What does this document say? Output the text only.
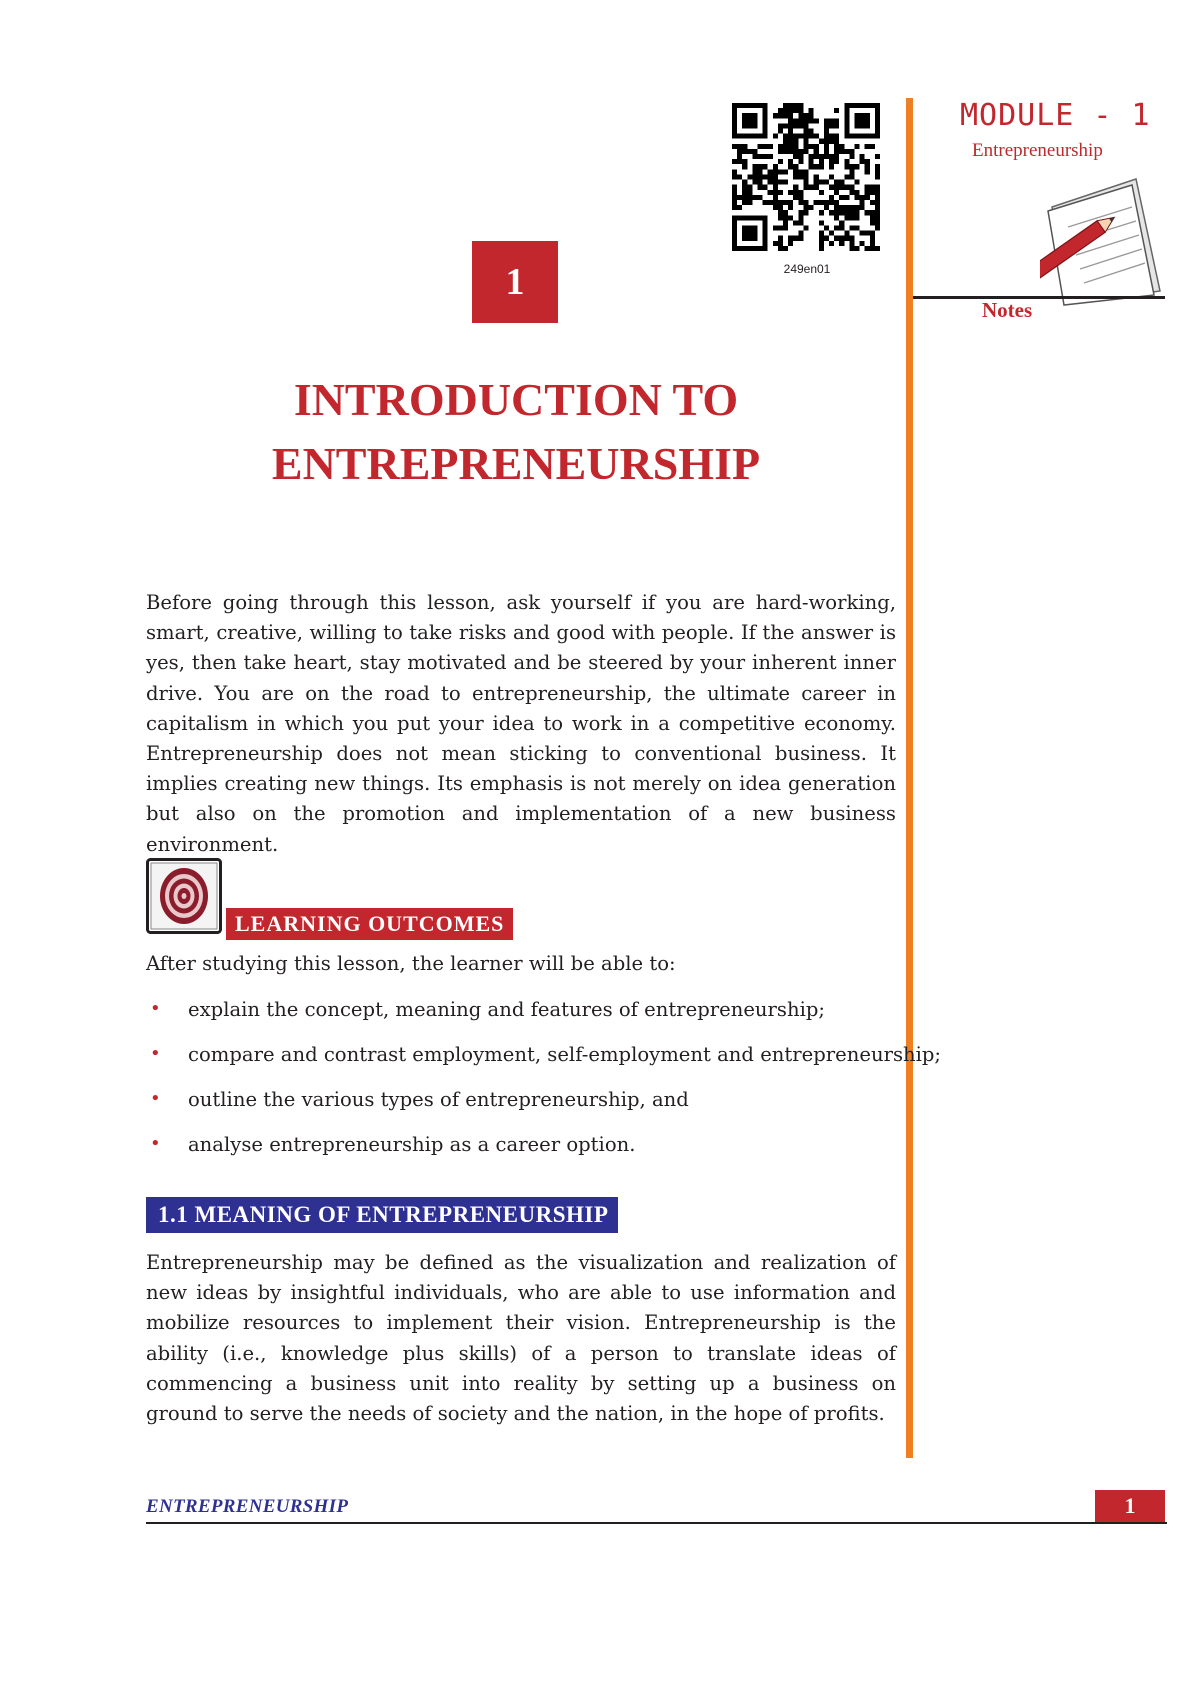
MODULE - 1
Entrepreneurship
Notes
249en01
1
INTRODUCTION TO
ENTREPRENEURSHIP

Before going through this lesson, ask yourself if you are hard-working, smart, creative, willing to take risks and good with people. If the answer is yes, then take heart, stay motivated and be steered by your inherent inner drive. You are on the road to entrepreneurship, the ultimate career in capitalism in which you put your idea to work in a competitive economy. Entrepreneurship does not mean sticking to conventional business. It implies creating new things. Its emphasis is not merely on idea generation but also on the promotion and implementation of a new business environment.

LEARNING OUTCOMES
After studying this lesson, the learner will be able to:
•	explain the concept, meaning and features of entrepreneurship;
•	compare and contrast employment, self-employment and entrepreneurship;
•	outline the various types of entrepreneurship, and
•	analyse entrepreneurship as a career option.
1.1 MEANING OF ENTREPRENEURSHIP

Entrepreneurship may be defined as the visualization and realization of new ideas by insightful individuals, who are able to use information and mobilize resources to implement their vision. Entrepreneurship is the ability (i.e., knowledge plus skills) of a person to translate ideas of commencing a business unit into reality by setting up a business on ground to serve the needs of society and the nation, in the hope of profits.

ENTREPRENEURSHIP	1
